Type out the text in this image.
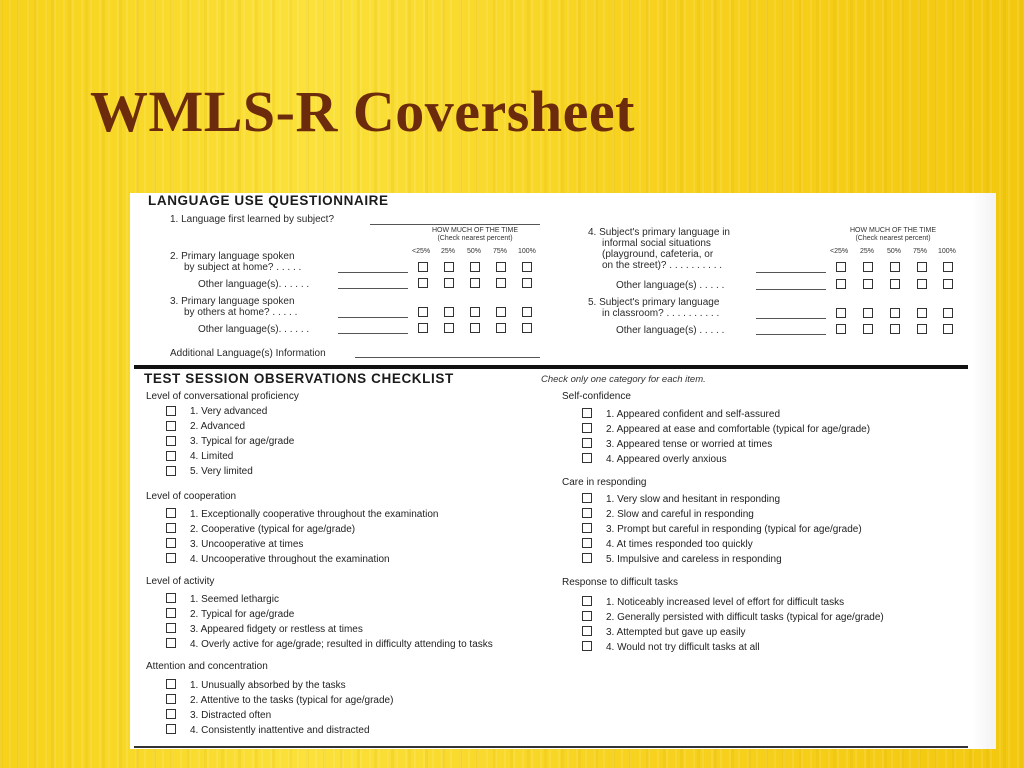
WMLS-R Coversheet
LANGUAGE USE QUESTIONNAIRE
1. Language first learned by subject?
HOW MUCH OF THE TIME
(Check nearest percent)
<25% 25% 50% 75% 100%
2. Primary language spoken
by subject at home? . . . . .
Other language(s). . . . . .
3. Primary language spoken
by others at home? . . . . .
Other language(s). . . . . .
Additional Language(s) Information
HOW MUCH OF THE TIME
(Check nearest percent)
<25% 25% 50% 75% 100%
4. Subject's primary language in
informal social situations
(playground, cafeteria, or
on the street)? . . . . . . . . . .
Other language(s) . . . . .
5. Subject's primary language
in classroom? . . . . . . . . . .
Other language(s) . . . . .
TEST SESSION OBSERVATIONS CHECKLIST	Check only one category for each item.
Level of conversational proficiency
1. Very advanced
2. Advanced
3. Typical for age/grade
4. Limited
5. Very limited
Level of cooperation
1. Exceptionally cooperative throughout the examination
2. Cooperative (typical for age/grade)
3. Uncooperative at times
4. Uncooperative throughout the examination
Level of activity
1. Seemed lethargic
2. Typical for age/grade
3. Appeared fidgety or restless at times
4. Overly active for age/grade; resulted in difficulty attending to tasks
Attention and concentration
1. Unusually absorbed by the tasks
2. Attentive to the tasks (typical for age/grade)
3. Distracted often
4. Consistently inattentive and distracted
Self-confidence
1. Appeared confident and self-assured
2. Appeared at ease and comfortable (typical for age/grade)
3. Appeared tense or worried at times
4. Appeared overly anxious
Care in responding
1. Very slow and hesitant in responding
2. Slow and careful in responding
3. Prompt but careful in responding (typical for age/grade)
4. At times responded too quickly
5. Impulsive and careless in responding
Response to difficult tasks
1. Noticeably increased level of effort for difficult tasks
2. Generally persisted with difficult tasks (typical for age/grade)
3. Attempted but gave up easily
4. Would not try difficult tasks at all
